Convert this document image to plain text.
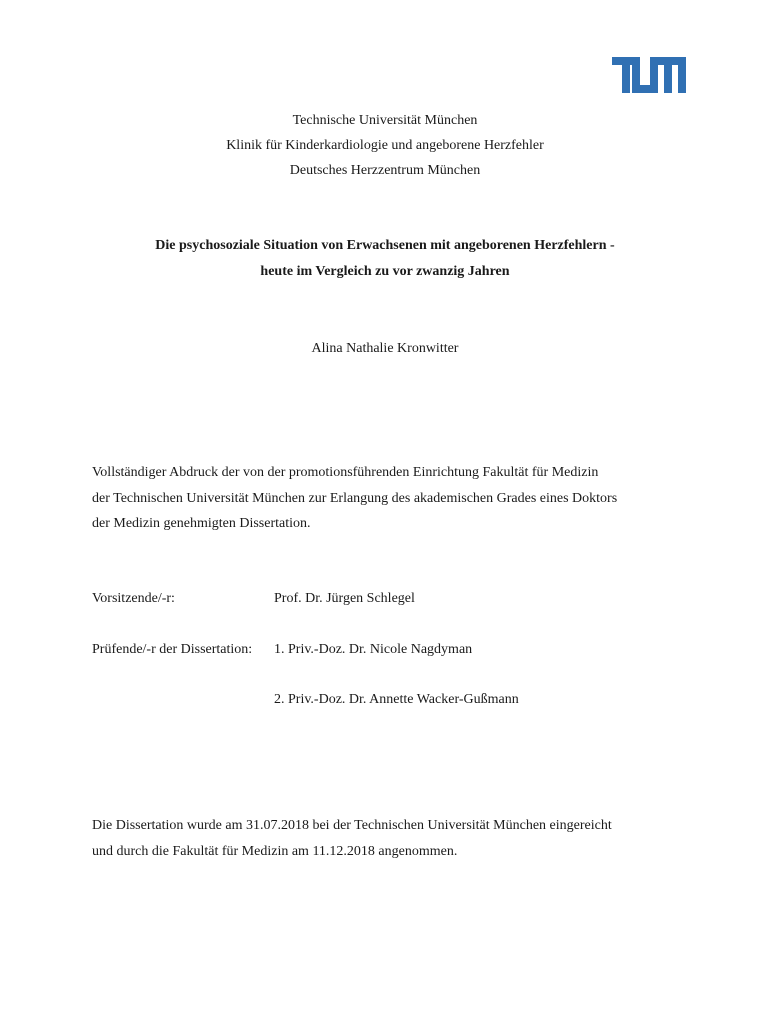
Technische Universität München

Klinik für Kinderkardiologie und angeborene Herzfehler

Deutsches Herzzentrum München

Die psychosoziale Situation von Erwachsenen mit angeborenen Herzfehlern -

heute im Vergleich zu vor zwanzig Jahren

Alina Nathalie Kronwitter

Vollständiger Abdruck der von der promotionsführenden Einrichtung Fakultät für Medizin

der Technischen Universität München zur Erlangung des akademischen Grades eines Doktors

der Medizin genehmigten Dissertation.

Vorsitzende/-r:	Prof. Dr. Jürgen Schlegel

Prüfende/-r der Dissertation: 1. Priv.-Doz. Dr. Nicole Nagdyman

2. Priv.-Doz. Dr. Annette Wacker-Gußmann

Die Dissertation wurde am 31.07.2018 bei der Technischen Universität München eingereicht

und durch die Fakultät für Medizin am 11.12.2018 angenommen.
